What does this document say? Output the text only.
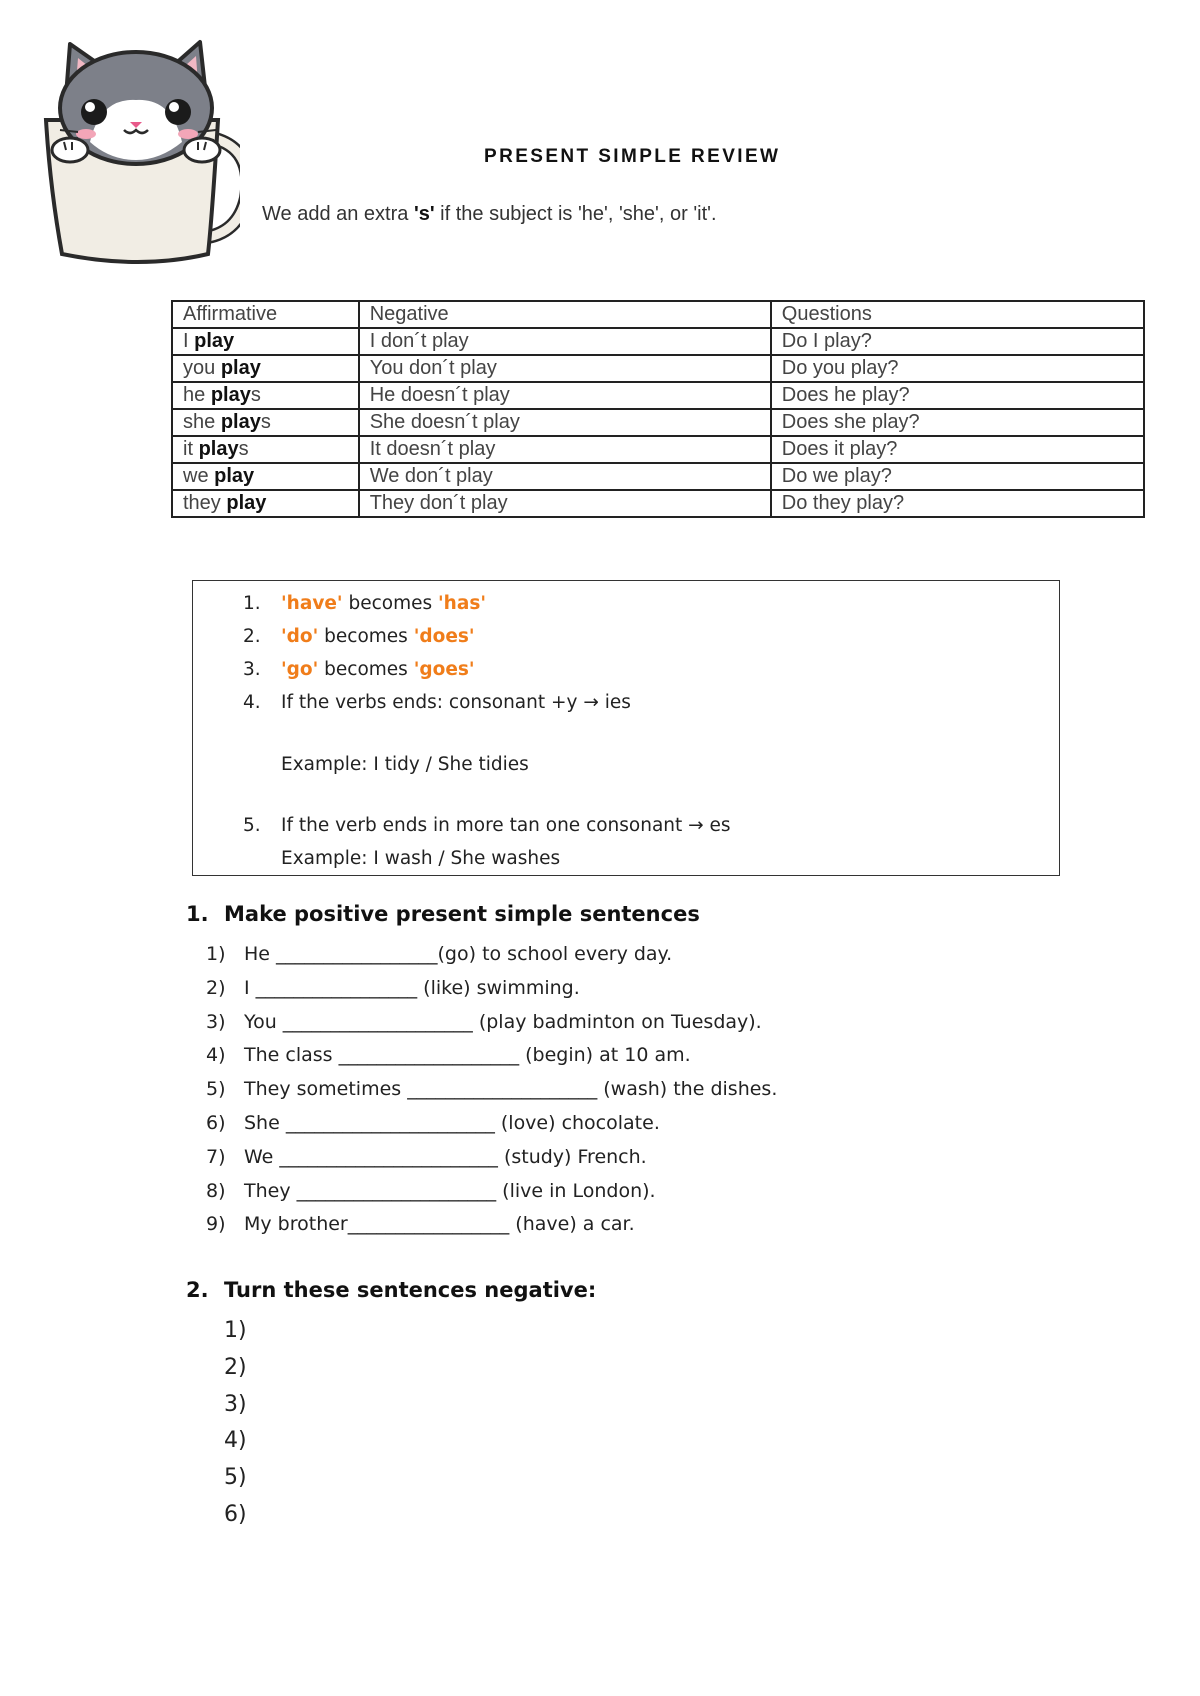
PRESENT SIMPLE REVIEW

We add an extra 's' if the subject is 'he', 'she', or 'it'.

Affirmative	Negative	Questions
I play	I don´t play	Do I play?
you play	You don´t play	Do you play?
he plays	He doesn´t play	Does he play?
she plays	She doesn´t play	Does she play?
it plays	It doesn´t play	Does it play?
we play	We don´t play	Do we play?
they play	They don´t play	Do they play?
1. 'have' becomes 'has'
2. 'do' becomes 'does'
3. 'go' becomes 'goes'
4. If the verbs ends: consonant +y → ies
Example: I tidy / She tidies
5. If the verb ends in more tan one consonant → es
Example: I wash / She washes
1. Make positive present simple sentences
1) He _________________(go) to school every day.
2) I _________________ (like) swimming.
3) You ____________________ (play badminton on Tuesday).
4) The class ___________________ (begin) at 10 am.
5) They sometimes ____________________ (wash) the dishes.
6) She ______________________ (love) chocolate.
7) We _______________________ (study) French.
8) They _____________________ (live in London).
9) My brother_________________ (have) a car.
2. Turn these sentences negative:
1)
2)
3)
4)
5)
6)
